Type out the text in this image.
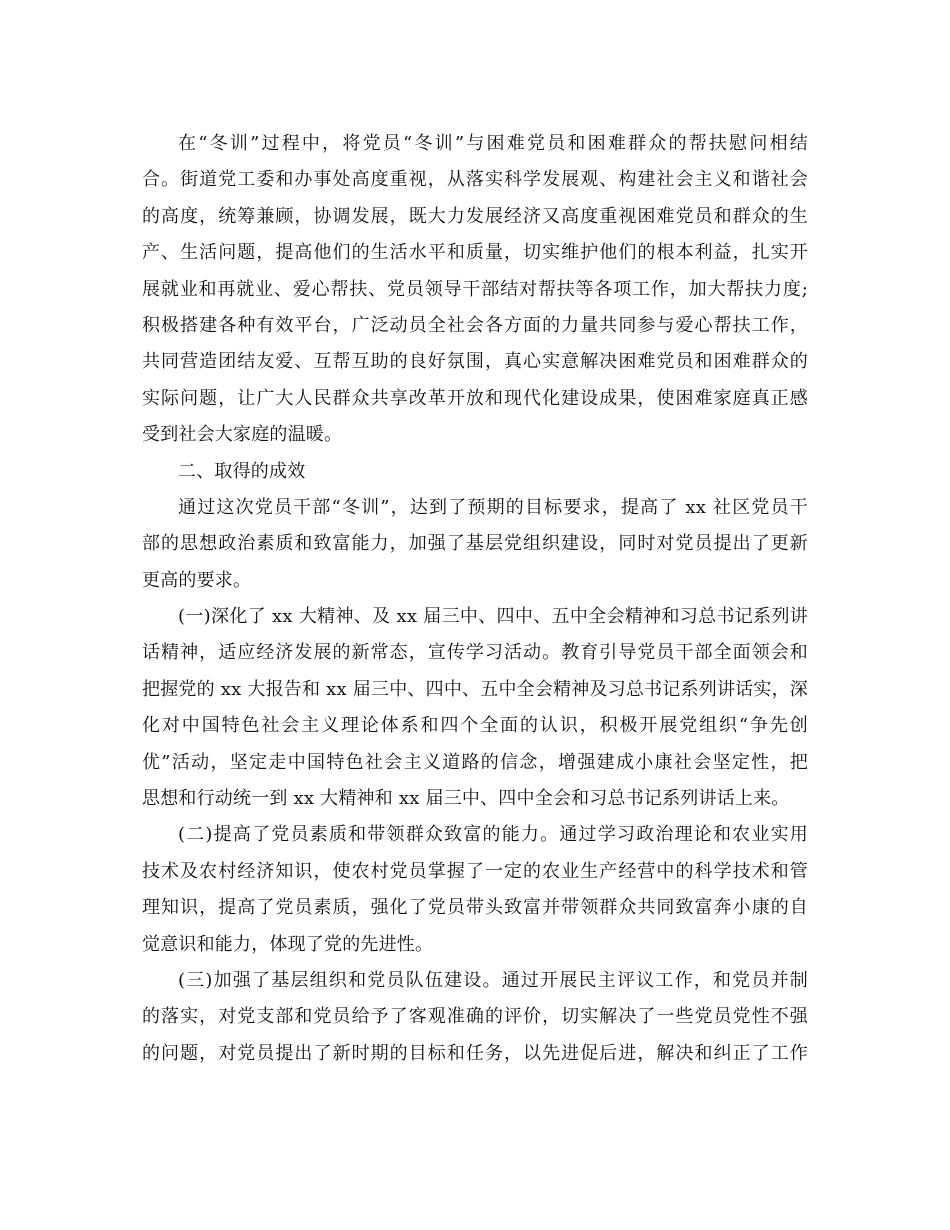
在“冬训”过程中，将党员“冬训”与困难党员和困难群众的帮扶慰问相结
合。街道党工委和办事处高度重视，从落实科学发展观、构建社会主义和谐社会
的高度，统筹兼顾，协调发展，既大力发展经济又高度重视困难党员和群众的生
产、生活问题，提高他们的生活水平和质量，切实维护他们的根本利益，扎实开
展就业和再就业、爱心帮扶、党员领导干部结对帮扶等各项工作，加大帮扶力度;
积极搭建各种有效平台，广泛动员全社会各方面的力量共同参与爱心帮扶工作，
共同营造团结友爱、互帮互助的良好氛围，真心实意解决困难党员和困难群众的
实际问题，让广大人民群众共享改革开放和现代化建设成果，使困难家庭真正感
受到社会大家庭的温暖。
二、取得的成效
通过这次党员干部“冬训”，达到了预期的目标要求，提高了 xx 社区党员干
部的思想政治素质和致富能力，加强了基层党组织建设，同时对党员提出了更新
更高的要求。
(一)深化了 xx 大精神、及 xx 届三中、四中、五中全会精神和习总书记系列讲
话精神，适应经济发展的新常态，宣传学习活动。教育引导党员干部全面领会和
把握党的 xx 大报告和 xx 届三中、四中、五中全会精神及习总书记系列讲话实，深
化对中国特色社会主义理论体系和四个全面的认识，积极开展党组织“争先创
优”活动，坚定走中国特色社会主义道路的信念，增强建成小康社会坚定性，把
思想和行动统一到 xx 大精神和 xx 届三中、四中全会和习总书记系列讲话上来。
(二)提高了党员素质和带领群众致富的能力。通过学习政治理论和农业实用
技术及农村经济知识，使农村党员掌握了一定的农业生产经营中的科学技术和管
理知识，提高了党员素质，强化了党员带头致富并带领群众共同致富奔小康的自
觉意识和能力，体现了党的先进性。
(三)加强了基层组织和党员队伍建设。通过开展民主评议工作，和党员并制
的落实，对党支部和党员给予了客观准确的评价，切实解决了一些党员党性不强
的问题，对党员提出了新时期的目标和任务，以先进促后进，解决和纠正了工作
